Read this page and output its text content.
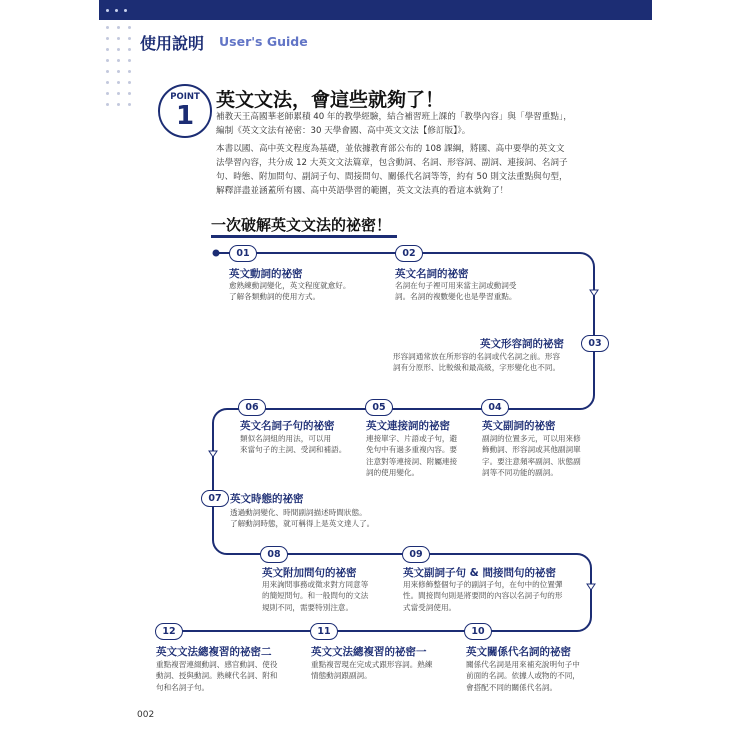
使用說明 User's Guide
POINT
1
英文文法，會這些就夠了！
補教天王高國華老師累積 40 年的教學經驗，結合補習班上課的「教學內容」與「學習重點」，
編制《英文文法有祕密：30 天學會國、高中英文文法【修訂版】》。
本書以國、高中英文程度為基礎，並依據教育部公布的 108 課綱，將國、高中要學的英文文
法學習內容，共分成 12 大英文文法篇章，包含動詞、名詞、形容詞、副詞、連接詞、名詞子
句、時態、附加問句、副詞子句、間接問句、關係代名詞等等，約有 50 則文法重點與句型，
解釋詳盡並涵蓋所有國、高中英語學習的範圍，英文文法真的看這本就夠了！
一次破解英文文法的祕密！
01	02
03
04
05
06
07
08	09
10
11
12
英文動詞的祕密
愈熟練動詞變化，英文程度就愈好。
了解各類動詞的使用方式。
英文名詞的祕密
名詞在句子裡可用來當主詞或動詞受
詞。名詞的複數變化也是學習重點。
英文形容詞的祕密
形容詞通常放在所形容的名詞或代名詞之前。形容
詞有分原形、比較級和最高級，字形變化也不同。
英文副詞的祕密
副詞的位置多元，可以用來修
飾動詞、形容詞或其他副詞單
字。要注意頻率副詞、狀態副
詞等不同功能的副詞。
英文連接詞的祕密
連接單字、片語或子句，避
免句中有過多重複內容。要
注意對等連接詞、附屬連接
詞的使用變化。
英文名詞子句的祕密
類似名詞組的用法，可以用
來當句子的主詞、受詞和補語。
英文時態的祕密
透過動詞變化、時間副詞描述時間狀態。
了解動詞時態，就可稱得上是英文達人了。
英文附加問句的祕密
用來詢問事務或徵求對方同意等
的簡短問句。和一般問句的文法
規則不同，需要特別注意。
英文副詞子句 & 間接問句的祕密
用來修飾整個句子的副詞子句，在句中的位置彈
性。間接問句則是將要問的內容以名詞子句的形
式當受詞使用。
英文關係代名詞的祕密
關係代名詞是用來補充說明句子中
前面的名詞。依據人或物的不同，
會搭配不同的關係代名詞。
英文文法總複習的祕密一
重點複習現在完成式跟形容詞。熟練
情態動詞跟副詞。
英文文法總複習的祕密二
重點複習連綴動詞、感官動詞、使役
動詞、授與動詞。熟練代名詞、附和
句和名詞子句。
002
